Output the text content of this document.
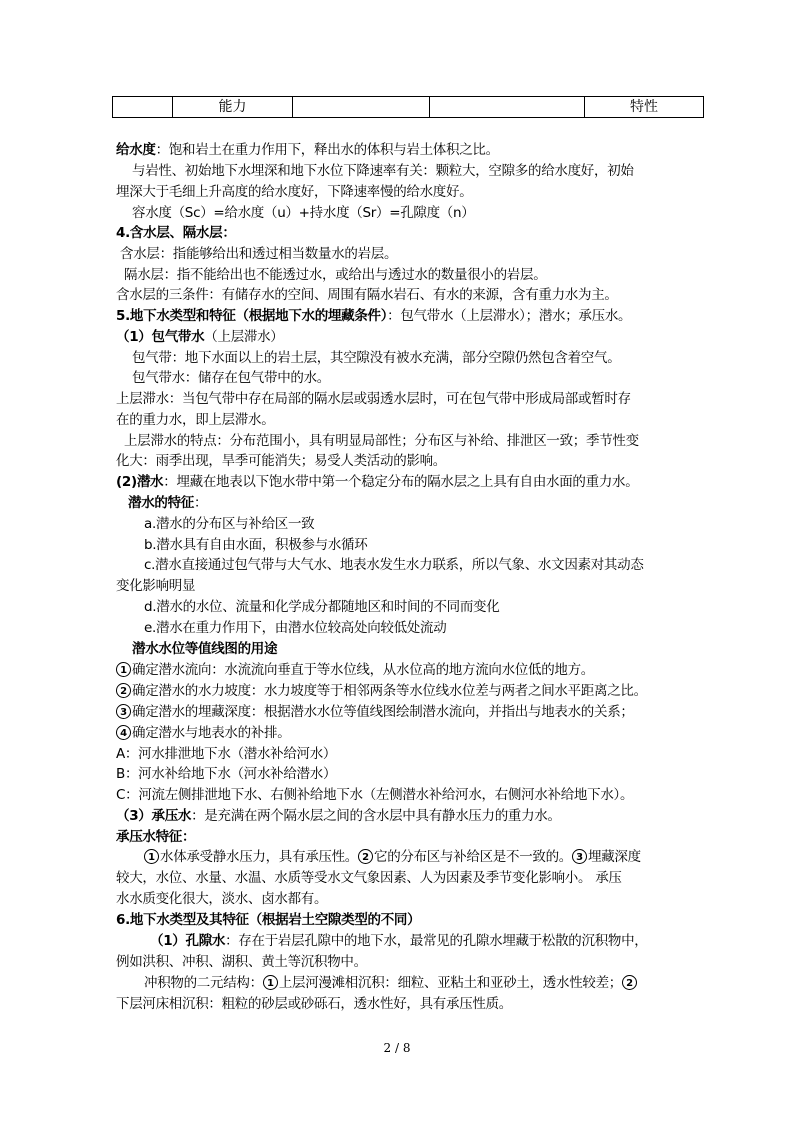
能力	特性
给水度：饱和岩土在重力作用下，释出水的体积与岩土体积之比。
与岩性、初始地下水埋深和地下水位下降速率有关：颗粒大，空隙多的给水度好，初始
埋深大于毛细上升高度的给水度好，下降速率慢的给水度好。
容水度（Sc）=给水度（u）+持水度（Sr）=孔隙度（n）
4.含水层、隔水层：
含水层：指能够给出和透过相当数量水的岩层。
隔水层：指不能给出也不能透过水，或给出与透过水的数量很小的岩层。
含水层的三条件：有储存水的空间、周围有隔水岩石、有水的来源，含有重力水为主。
5.地下水类型和特征（根据地下水的埋藏条件）：包气带水（上层滞水）；潜水；承压水。
（1）包气带水（上层滞水）
包气带：地下水面以上的岩土层，其空隙没有被水充满，部分空隙仍然包含着空气。
包气带水：储存在包气带中的水。
上层滞水：当包气带中存在局部的隔水层或弱透水层时，可在包气带中形成局部或暂时存
在的重力水，即上层滞水。
上层滞水的特点：分布范围小，具有明显局部性；分布区与补给、排泄区一致；季节性变
化大：雨季出现，旱季可能消失；易受人类活动的影响。
(2)潜水：埋藏在地表以下饱水带中第一个稳定分布的隔水层之上具有自由水面的重力水。
潜水的特征：
a.潜水的分布区与补给区一致
b.潜水具有自由水面，积极参与水循环
c.潜水直接通过包气带与大气水、地表水发生水力联系，所以气象、水文因素对其动态
变化影响明显
d.潜水的水位、流量和化学成分都随地区和时间的不同而变化
e.潜水在重力作用下，由潜水位较高处向较低处流动
潜水水位等值线图的用途
1 确定潜水流向：水流流向垂直于等水位线，从水位高的地方流向水位低的地方。
2 确定潜水的水力坡度：水力坡度等于相邻两条等水位线水位差与两者之间水平距离之比。
3 确定潜水的埋藏深度：根据潜水水位等值线图绘制潜水流向，并指出与地表水的关系；
4 确定潜水与地表水的补排。
A：河水排泄地下水（潜水补给河水）
B：河水补给地下水（河水补给潜水）
C：河流左侧排泄地下水、右侧补给地下水（左侧潜水补给河水，右侧河水补给地下水）。
（3）承压水：是充满在两个隔水层之间的含水层中具有静水压力的重力水。
承压水特征：
1 水体承受静水压力，具有承压性。 2 它的分布区与补给区是不一致的。 3 埋藏深度
较大，水位、水量、水温、水质等受水文气象因素、人为因素及季节变化影响小。 承压
水水质变化很大，淡水、卤水都有。
6.地下水类型及其特征（根据岩土空隙类型的不同）
（1）孔隙水：存在于岩层孔隙中的地下水，最常见的孔隙水埋藏于松散的沉积物中，
例如洪积、冲积、湖积、黄土等沉积物中。
冲积物的二元结构： 1 上层河漫滩相沉积：细粒、亚粘土和亚砂土，透水性较差； 2
下层河床相沉积：粗粒的砂层或砂砾石，透水性好，具有承压性质。
2 / 8
